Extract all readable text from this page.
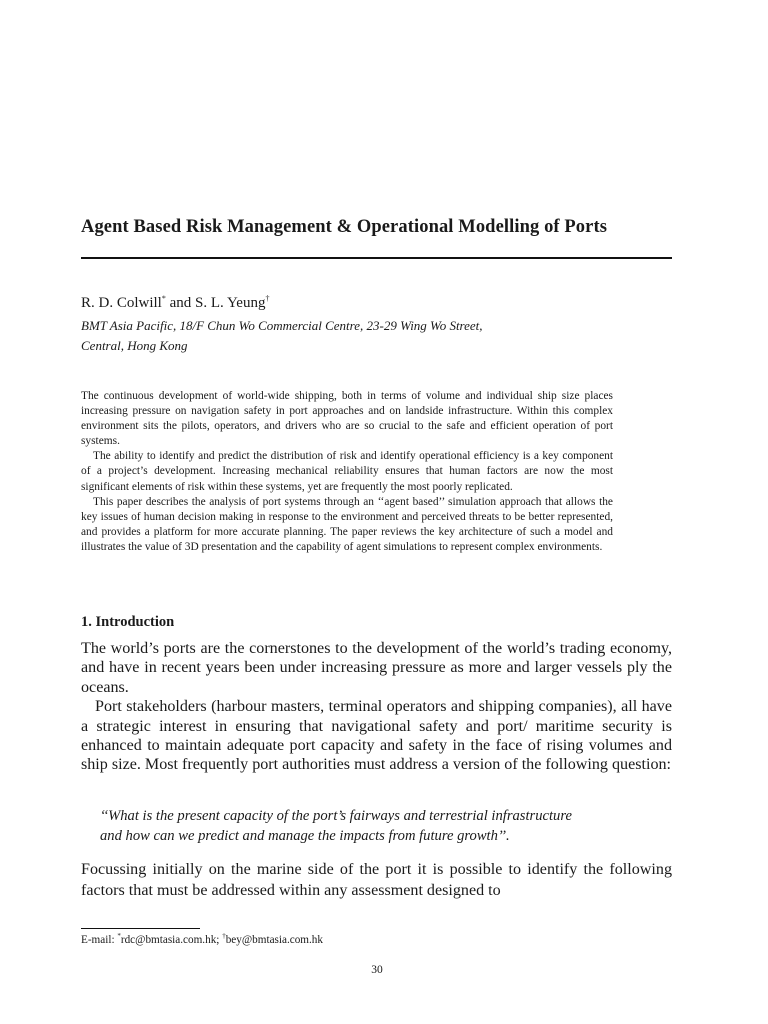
Agent Based Risk Management & Operational Modelling of Ports

R. D. Colwill* and S. L. Yeung†

BMT Asia Pacific, 18/F Chun Wo Commercial Centre, 23-29 Wing Wo Street,
Central, Hong Kong

The continuous development of world-wide shipping, both in terms of volume and individual ship size places increasing pressure on navigation safety in port approaches and on landside infrastructure. Within this complex environment sits the pilots, operators, and drivers who are so crucial to the safe and efficient operation of port systems.

The ability to identify and predict the distribution of risk and identify operational efficiency is a key component of a project’s development. Increasing mechanical reliability ensures that human factors are now the most significant elements of risk within these systems, yet are frequently the most poorly replicated.

This paper describes the analysis of port systems through an ‘‘agent based’’ simulation approach that allows the key issues of human decision making in response to the environment and perceived threats to be better represented, and provides a platform for more accurate planning. The paper reviews the key architecture of such a model and illustrates the value of 3D presentation and the capability of agent simulations to represent complex environments.

1. Introduction

The world’s ports are the cornerstones to the development of the world’s trading economy, and have in recent years been under increasing pressure as more and larger vessels ply the oceans.

Port stakeholders (harbour masters, terminal operators and shipping companies), all have a strategic interest in ensuring that navigational safety and port/ maritime security is enhanced to maintain adequate port capacity and safety in the face of rising volumes and ship size. Most frequently port authorities must address a version of the following question:

‘‘What is the present capacity of the port’s fairways and terrestrial infrastructure
and how can we predict and manage the impacts from future growth’’.

Focussing initially on the marine side of the port it is possible to identify the following factors that must be addressed within any assessment designed to

E-mail: *rdc@bmtasia.com.hk; †bey@bmtasia.com.hk

30
